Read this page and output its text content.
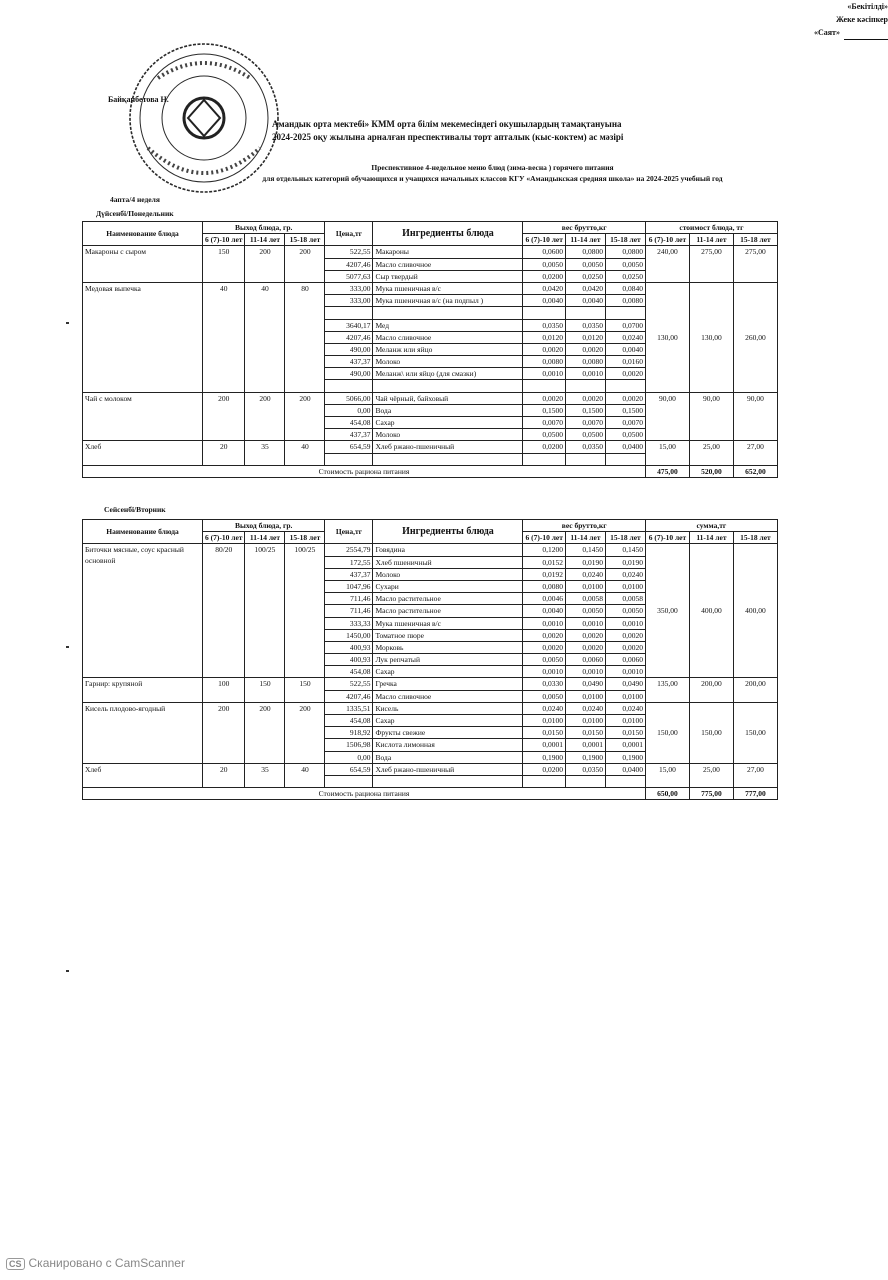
«Бекітілді»
Жеке кәсіпкер
«Саят»
Байқанбетова Н.
Амандык орта мектебі» КММ орта білім мекемесіндегі окушылардың тамақтануына
2024-2025 оқу жылына арналған преспективалы торт апталык (кыс-коктем) ас мәзірі
Преспективное 4-недельное меню блюд (зима-весна ) горячего питания
для отдельных категорий обучающихся и учащихся начальных классов КГУ «Амандыкская средняя школа» на 2024-2025 учебный год
4апта/4 неделя
Дүйсенбі/Понедельник
Наименование блюда	Выход блюда, гр.			Цена,тг	Ингредиенты блюда	вес брутто,кг			стоимост блюда, тг		
	6 (7)-10 лет	11-14 лет	15-18 лет			6 (7)-10 лет	11-14 лет	15-18 лет	6 (7)-10 лет	11-14 лет	15-18 лет

Макароны с сыром	150	200	200	522,55	Макароны	0,0600	0,0800	0,0800	240,00	275,00	275,00
				4207,46	Масло сливочное	0,0050	0,0050	0,0050			
				5077,63	Сыр твердый	0,0200	0,0250	0,0250			
Медовая выпечка	40	40	80	333,00	Мука пшеничная в/с	0,0420	0,0420	0,0840	130,00	130,00	260,00
				333,00	Мука пшеничная в/с (на подпыл )	0,0040	0,0040	0,0080			

				3640,17	Мед	0,0350	0,0350	0,0700			
				4207,46	Масло сливочное	0,0120	0,0120	0,0240			
				490,00	Меланж или яйцо	0,0020	0,0020	0,0040			
				437,37	Молоко	0,0080	0,0080	0,0160			
				490,00	Меланж\ или яйцо (для смазки)	0,0010	0,0010	0,0020			

Чай с молоком	200	200	200	5066,00	Чай чёрный, байховый	0,0020	0,0020	0,0020	90,00	90,00	90,00
				0,00	Вода	0,1500	0,1500	0,1500			
				454,08	Сахар	0,0070	0,0070	0,0070			
				437,37	Молоко	0,0500	0,0500	0,0500			
Хлеб	20	35	40	654,59	Хлеб ржано-пшеничный	0,0200	0,0350	0,0400	15,00	25,00	27,00

Стоимость рациона питания									475,00	520,00	652,00
Сейсенбі/Вторник
Наименование блюда	Выход блюда, гр.			Цена,тг	Ингредиенты блюда	вес брутто,кг			сумма,тг		
	6 (7)-10 лет	11-14 лет	15-18 лет			6 (7)-10 лет	11-14 лет	15-18 лет	6 (7)-10 лет	11-14 лет	15-18 лет

Биточки мясные, соус красный основной	80/20	100/25	100/25	2554,79	Говядина	0,1200	0,1450	0,1450	350,00	400,00	400,00
				172,55	Хлеб пшеничный	0,0152	0,0190	0,0190			
				437,37	Молоко	0,0192	0,0240	0,0240			
				1047,96	Сухари	0,0080	0,0100	0,0100			
				711,46	Масло растительное	0,0046	0,0058	0,0058			
				711,46	Масло растительное	0,0040	0,0050	0,0050			
				333,33	Мука пшеничная в/с	0,0010	0,0010	0,0010			
				1450,00	Томатное пюре	0,0020	0,0020	0,0020			
				400,93	Морковь	0,0020	0,0020	0,0020			
				400,93	Лук репчатый	0,0050	0,0060	0,0060			
				454,08	Сахар	0,0010	0,0010	0,0010			
Гарнир: крупяной	100	150	150	522,55	Гречка	0,0330	0,0490	0,0490	135,00	200,00	200,00
				4207,46	Масло сливочное	0,0050	0,0100	0,0100			
Кисель плодово-ягодный	200	200	200	1335,51	Кисель	0,0240	0,0240	0,0240	150,00	150,00	150,00
				454,08	Сахар	0,0100	0,0100	0,0100			
				918,92	Фрукты свежие	0,0150	0,0150	0,0150			
				1506,98	Кислота лимонная	0,0001	0,0001	0,0001			
				0,00	Вода	0,1900	0,1900	0,1900			
Хлеб	20	35	40	654,59	Хлеб ржано-пшеничный	0,0200	0,0350	0,0400	15,00	25,00	27,00

Стоимость рациона питания									650,00	775,00	777,00
CS Сканировано с CamScanner
